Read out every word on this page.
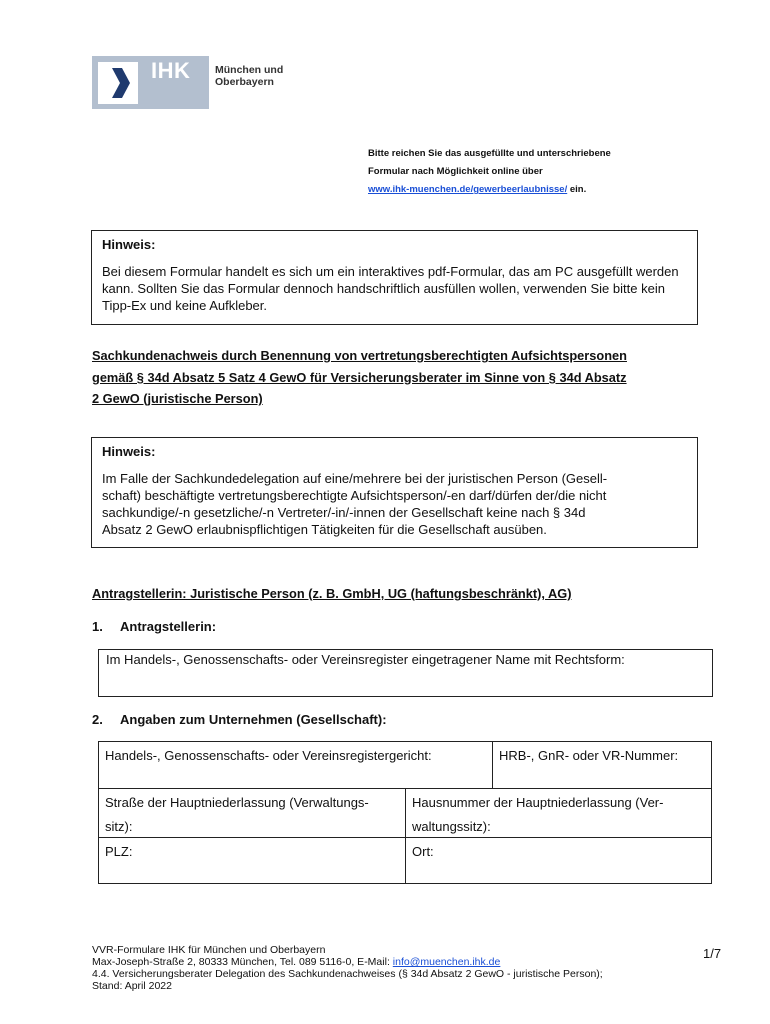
IHK München und
Oberbayern
Bitte reichen Sie das ausgefüllte und unterschriebene
Formular nach Möglichkeit online über
www.ihk-muenchen.de/gewerbeerlaubnisse/ ein.
Hinweis:
Bei diesem Formular handelt es sich um ein interaktives pdf-Formular, das am PC ausgefüllt werden kann. Sollten Sie das Formular dennoch handschriftlich ausfüllen wollen, verwenden Sie bitte kein Tipp-Ex und keine Aufkleber.
Sachkundenachweis durch Benennung von vertretungsberechtigten Aufsichtspersonen
gemäß § 34d Absatz 5 Satz 4 GewO für Versicherungsberater im Sinne von § 34d Absatz
2 GewO (juristische Person)
Hinweis:
Im Falle der Sachkundedelegation auf eine/mehrere bei der juristischen Person (Gesell-
schaft) beschäftigte vertretungsberechtigte Aufsichtsperson/-en darf/dürfen der/die nicht
sachkundige/-n gesetzliche/-n Vertreter/-in/-innen der Gesellschaft keine nach § 34d
Absatz 2 GewO erlaubnispflichtigen Tätigkeiten für die Gesellschaft ausüben.
Antragstellerin: Juristische Person (z. B. GmbH, UG (haftungsbeschränkt), AG)
1. Antragstellerin:
Im Handels-, Genossenschafts- oder Vereinsregister eingetragener Name mit Rechtsform:
2. Angaben zum Unternehmen (Gesellschaft):
Handels-, Genossenschafts- oder Vereinsregistergericht:	HRB-, GnR- oder VR-Nummer:
Straße der Hauptniederlassung (Verwaltungs-
sitz):
Hausnummer der Hauptniederlassung (Ver-
waltungssitz):
PLZ:	Ort:
VVR-Formulare IHK für München und Oberbayern
Max-Joseph-Straße 2, 80333 München, Tel. 089 5116-0, E-Mail: info@muenchen.ihk.de
4.4. Versicherungsberater Delegation des Sachkundenachweises (§ 34d Absatz 2 GewO - juristische Person);
Stand: April 2022
1/7
